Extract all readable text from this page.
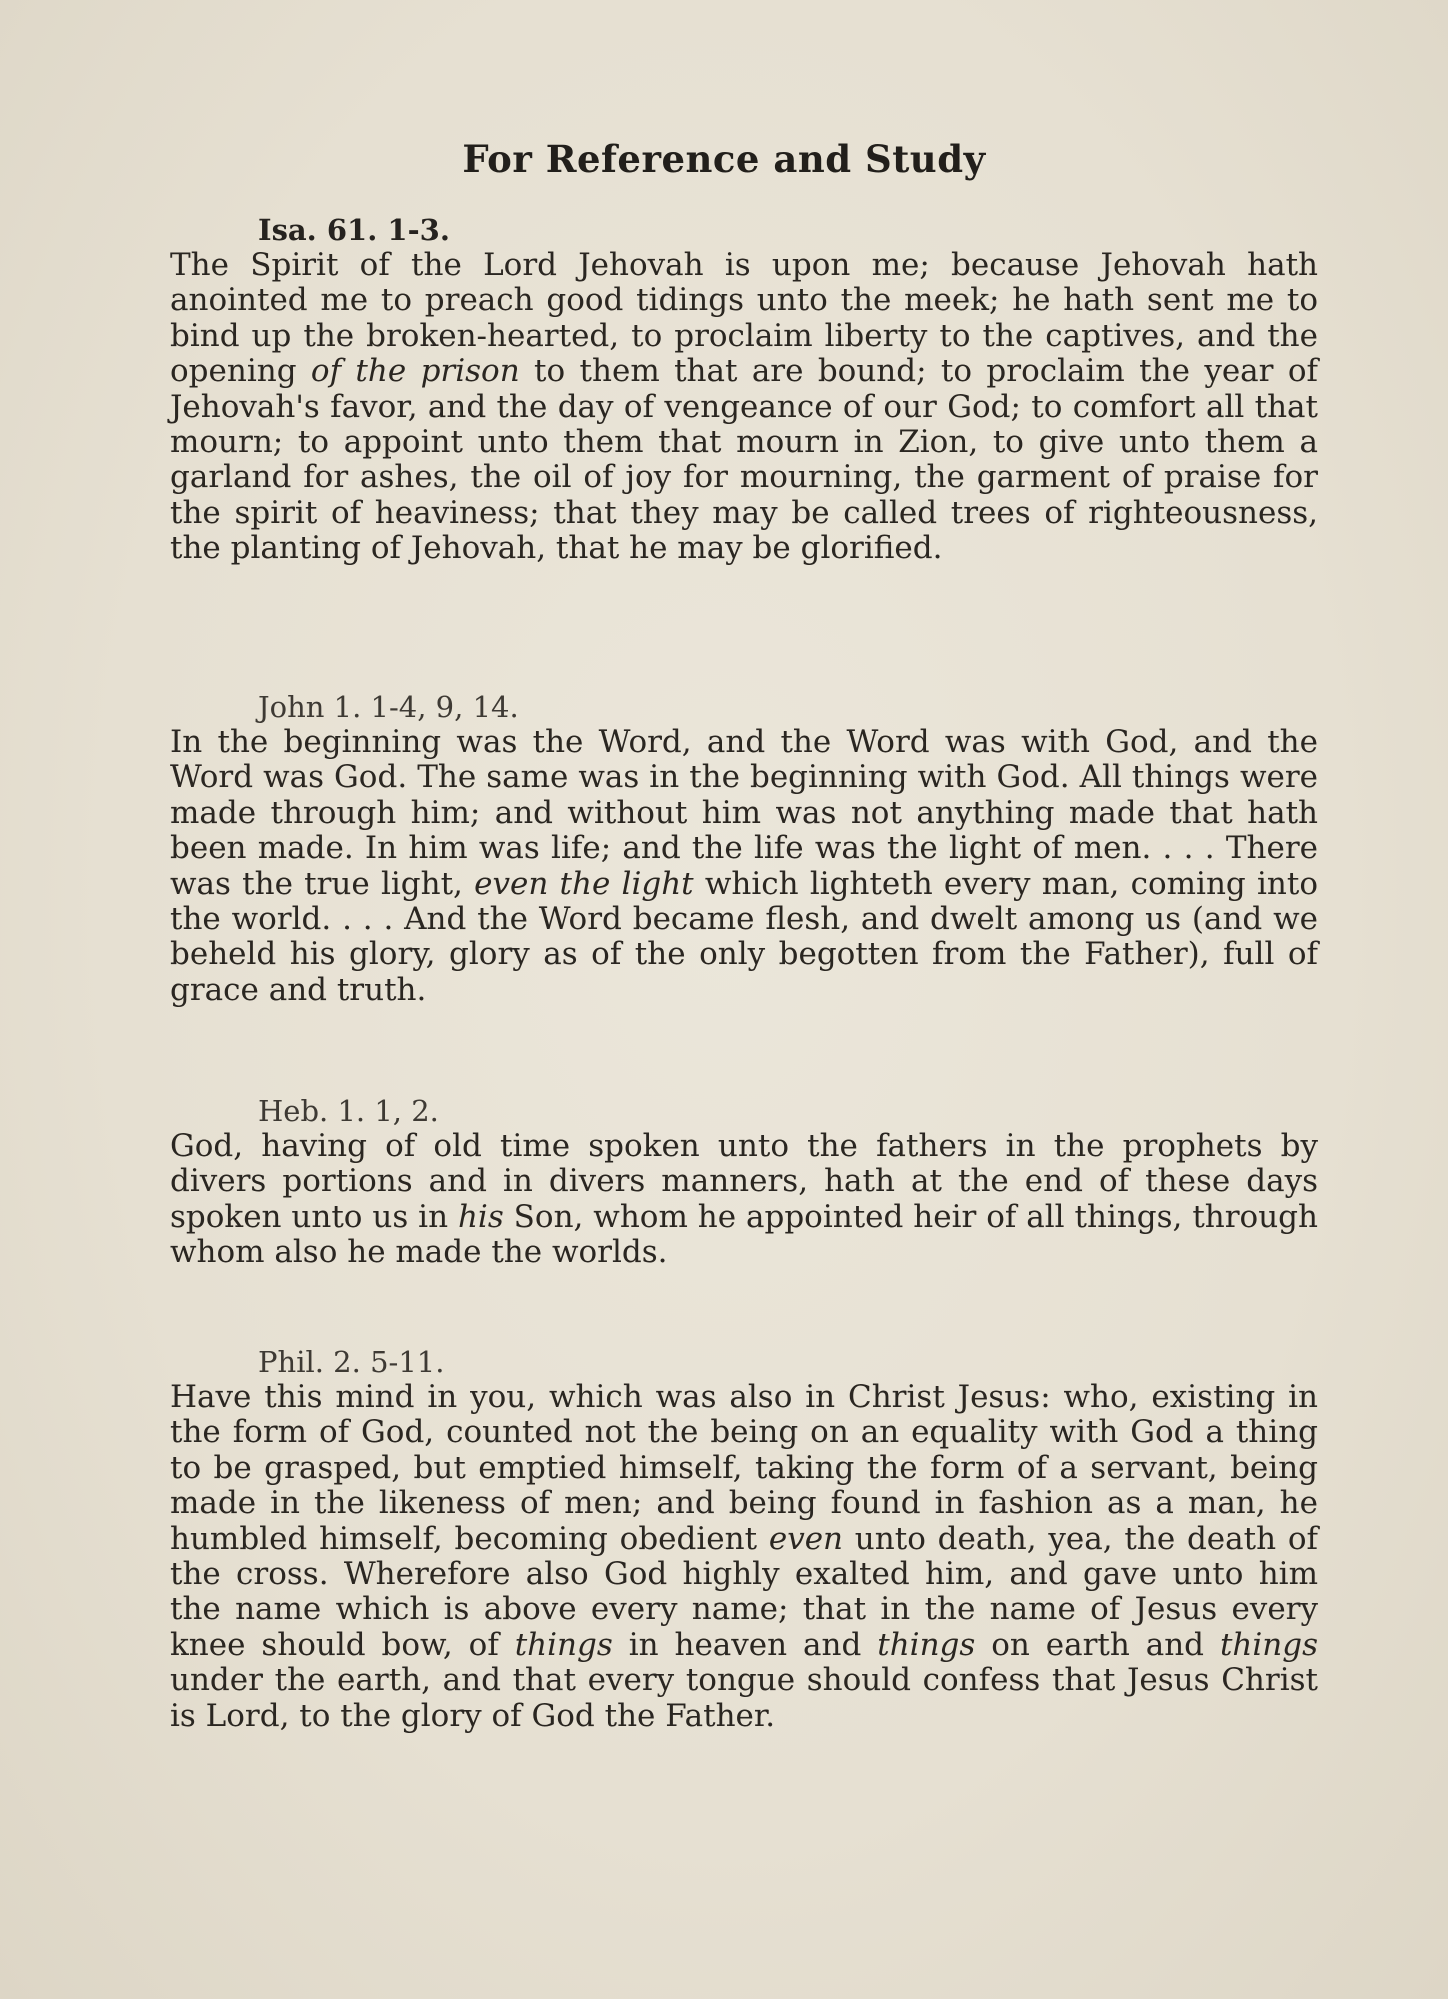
For Reference and Study
Isa. 61. 1-3.

The Spirit of the Lord Jehovah is upon me; because Jehovah hath anointed me to preach good tidings unto the meek; he hath sent me to bind up the broken-hearted, to proclaim liberty to the captives, and the opening of the prison to them that are bound; to proclaim the year of Jehovah's favor, and the day of vengeance of our God; to comfort all that mourn; to appoint unto them that mourn in Zion, to give unto them a garland for ashes, the oil of joy for mourning, the garment of praise for the spirit of heaviness; that they may be called trees of righteousness, the planting of Jehovah, that he may be glorified.

John 1. 1-4, 9, 14.

In the beginning was the Word, and the Word was with God, and the Word was God. The same was in the beginning with God. All things were made through him; and without him was not anything made that hath been made. In him was life; and the life was the light of men. . . . There was the true light, even the light which lighteth every man, coming into the world. . . . And the Word became flesh, and dwelt among us (and we beheld his glory, glory as of the only begotten from the Father), full of grace and truth.

Heb. 1. 1, 2.

God, having of old time spoken unto the fathers in the prophets by divers portions and in divers manners, hath at the end of these days spoken unto us in his Son, whom he appointed heir of all things, through whom also he made the worlds.

Phil. 2. 5-11.

Have this mind in you, which was also in Christ Jesus: who, existing in the form of God, counted not the being on an equality with God a thing to be grasped, but emptied himself, taking the form of a servant, being made in the likeness of men; and being found in fashion as a man, he humbled himself, becoming obedient even unto death, yea, the death of the cross. Wherefore also God highly exalted him, and gave unto him the name which is above every name; that in the name of Jesus every knee should bow, of things in heaven and things on earth and things under the earth, and that every tongue should confess that Jesus Christ is Lord, to the glory of God the Father.
